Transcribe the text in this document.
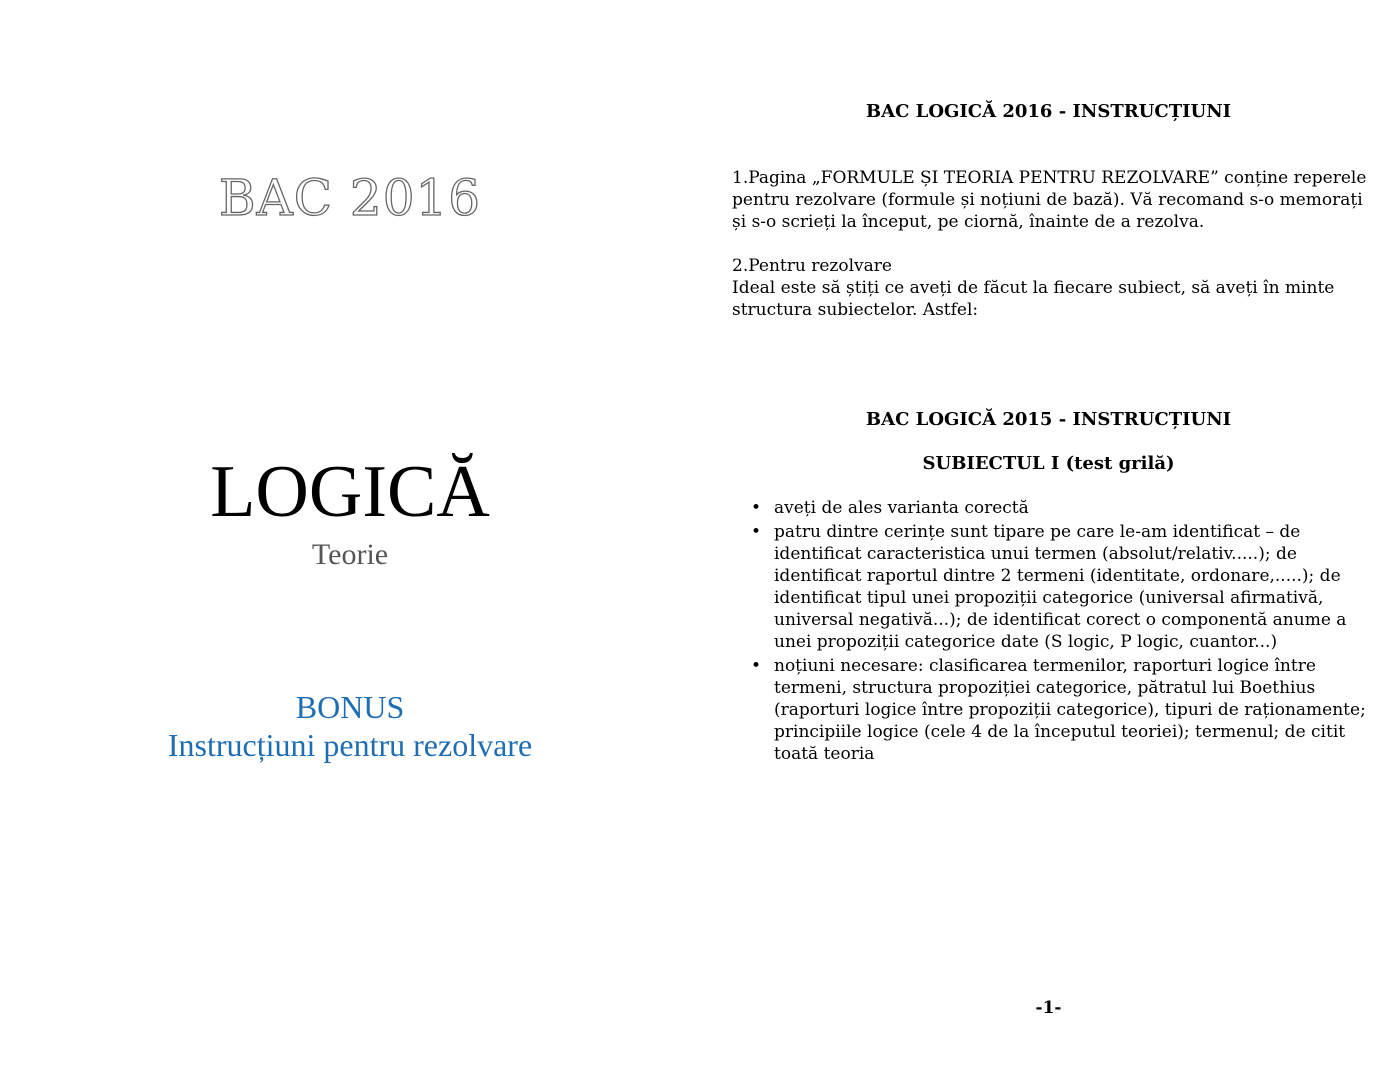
BAC 2016
LOGICĂ
Teorie
BONUS
Instrucțiuni pentru rezolvare
BAC LOGICĂ 2016 - INSTRUCȚIUNI

1.Pagina „FORMULE ȘI TEORIA PENTRU REZOLVARE” conține reperele pentru rezolvare (formule și noțiuni de bază). Vă recomand s-o memorați și s-o scrieți la început, pe ciornă, înainte de a rezolva.

2.Pentru rezolvare

Ideal este să știți ce aveți de făcut la fiecare subiect, să aveți în minte structura subiectelor. Astfel:

BAC LOGICĂ 2015 - INSTRUCȚIUNI
SUBIECTUL I (test grilă)
• aveți de ales varianta corectă
• patru dintre cerințe sunt tipare pe care le-am identificat – de identificat caracteristica unui termen (absolut/relativ.....); de identificat raportul dintre 2 termeni (identitate, ordonare,.....); de identificat tipul unei propoziții categorice (universal afirmativă, universal negativă...); de identificat corect o componentă anume a unei propoziții categorice date (S logic, P logic, cuantor...)
• noțiuni necesare: clasificarea termenilor, raporturi logice între termeni, structura propoziției categorice, pătratul lui Boethius (raporturi logice între propoziții categorice), tipuri de raționamente; principiile logice (cele 4 de la începutul teoriei); termenul; de citit toată teoria
-1-
